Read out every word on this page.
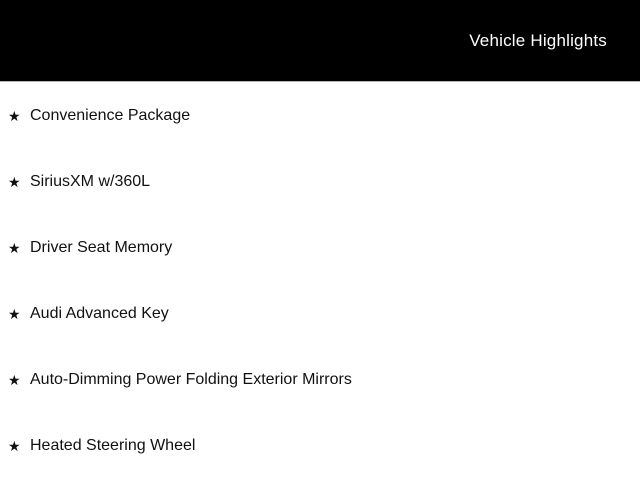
Vehicle Highlights
★ Convenience Package
★ SiriusXM w/360L
★ Driver Seat Memory
★ Audi Advanced Key
★ Auto-Dimming Power Folding Exterior Mirrors
★ Heated Steering Wheel
